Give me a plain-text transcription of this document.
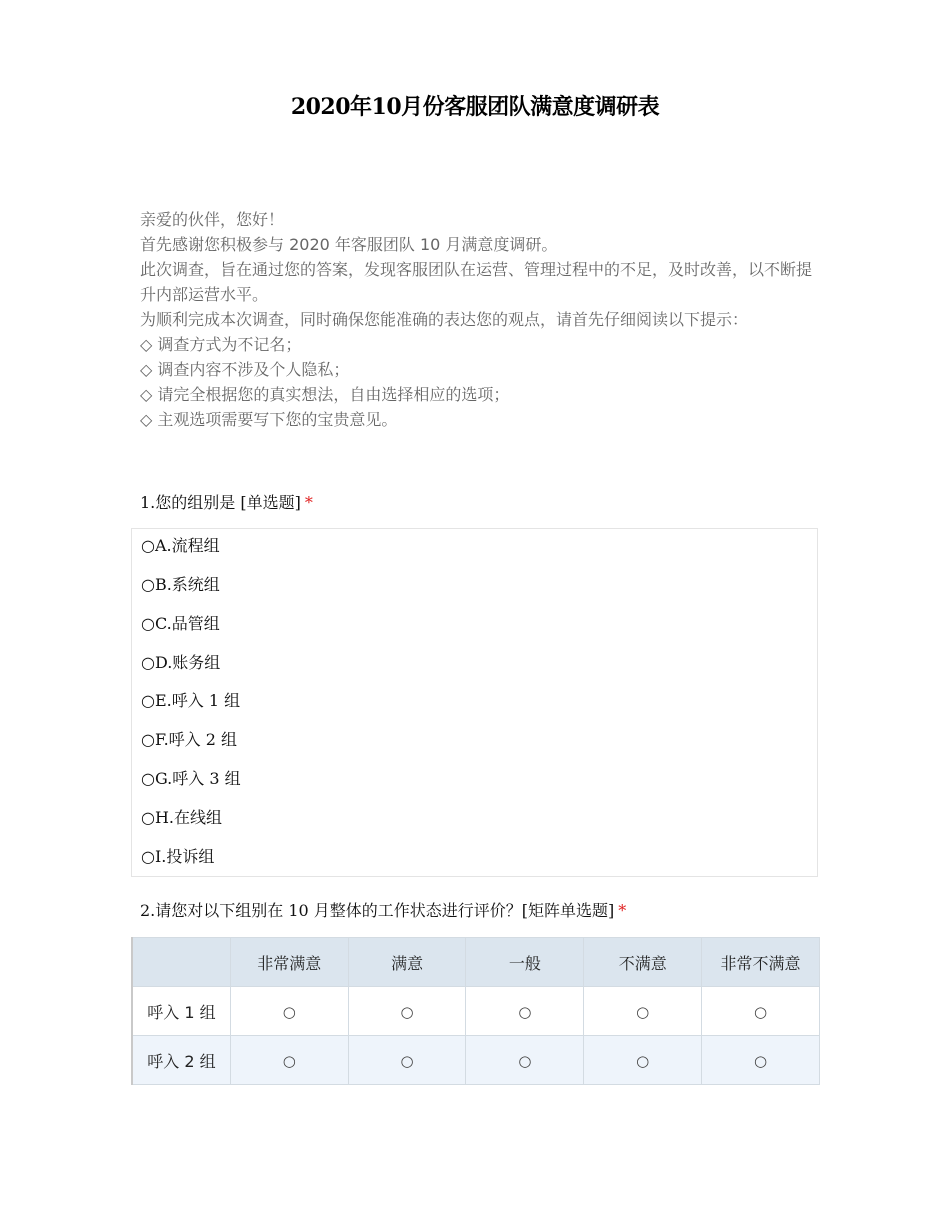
2020年10月份客服团队满意度调研表
亲爱的伙伴，您好！
首先感谢您积极参与 2020 年客服团队 10 月满意度调研。
此次调查，旨在通过您的答案，发现客服团队在运营、管理过程中的不足，及时改善，以不断提升内部运营水平。
为顺利完成本次调查，同时确保您能准确的表达您的观点，请首先仔细阅读以下提示：
◇ 调查方式为不记名；
◇ 调查内容不涉及个人隐私；
◇ 请完全根据您的真实想法，自由选择相应的选项；
◇ 主观选项需要写下您的宝贵意见。
1.您的组别是 [单选题] *
○A.流程组
○B.系统组
○C.品管组
○D.账务组
○E.呼入 1 组
○F.呼入 2 组
○G.呼入 3 组
○H.在线组
○I.投诉组
2.请您对以下组别在 10 月整体的工作状态进行评价？[矩阵单选题] *
	非常满意	满意	一般	不满意	非常不满意
呼入 1 组	○	○	○	○	○
呼入 2 组	○	○	○	○	○
